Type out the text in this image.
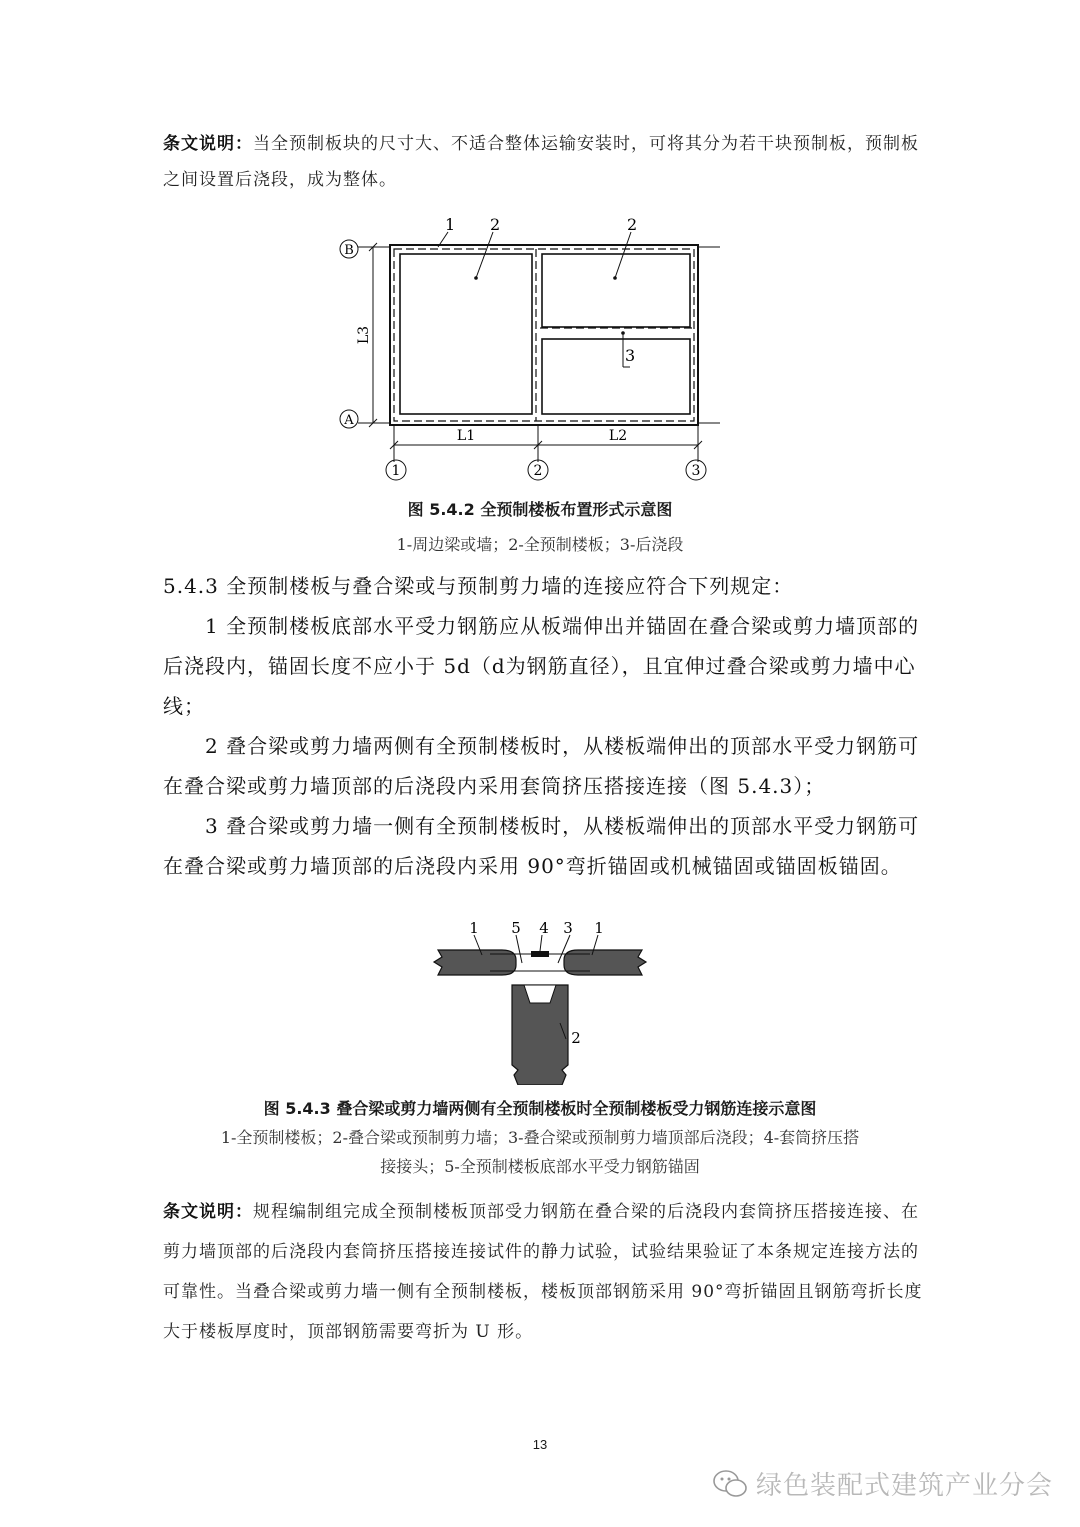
条文说明：当全预制板块的尺寸大、不适合整体运输安装时，可将其分为若干块预制板，预制板之间设置后浇段，成为整体。
1 2	2
3
B
A
L3
L1	L2
1	2	3
图 5.4.2 全预制楼板布置形式示意图
1-周边梁或墙；2-全预制楼板；3-后浇段

5.4.3 全预制楼板与叠合梁或与预制剪力墙的连接应符合下列规定：

1 全预制楼板底部水平受力钢筋应从板端伸出并锚固在叠合梁或剪力墙顶部的后浇段内，锚固长度不应小于 5d（d为钢筋直径），且宜伸过叠合梁或剪力墙中心线；

2 叠合梁或剪力墙两侧有全预制楼板时，从楼板端伸出的顶部水平受力钢筋可在叠合梁或剪力墙顶部的后浇段内采用套筒挤压搭接连接（图 5.4.3）；

3 叠合梁或剪力墙一侧有全预制楼板时，从楼板端伸出的顶部水平受力钢筋可在叠合梁或剪力墙顶部的后浇段内采用 90°弯折锚固或机械锚固或锚固板锚固。

1 5 4 3 1
2
图 5.4.3 叠合梁或剪力墙两侧有全预制楼板时全预制楼板受力钢筋连接示意图
1-全预制楼板；2-叠合梁或预制剪力墙；3-叠合梁或预制剪力墙顶部后浇段；4-套筒挤压搭
接接头；5-全预制楼板底部水平受力钢筋锚固
条文说明：规程编制组完成全预制楼板顶部受力钢筋在叠合梁的后浇段内套筒挤压搭接连接、在剪力墙顶部的后浇段内套筒挤压搭接连接试件的静力试验，试验结果验证了本条规定连接方法的可靠性。当叠合梁或剪力墙一侧有全预制楼板，楼板顶部钢筋采用 90°弯折锚固且钢筋弯折长度大于楼板厚度时，顶部钢筋需要弯折为 U 形。
13
绿色装配式建筑产业分会
